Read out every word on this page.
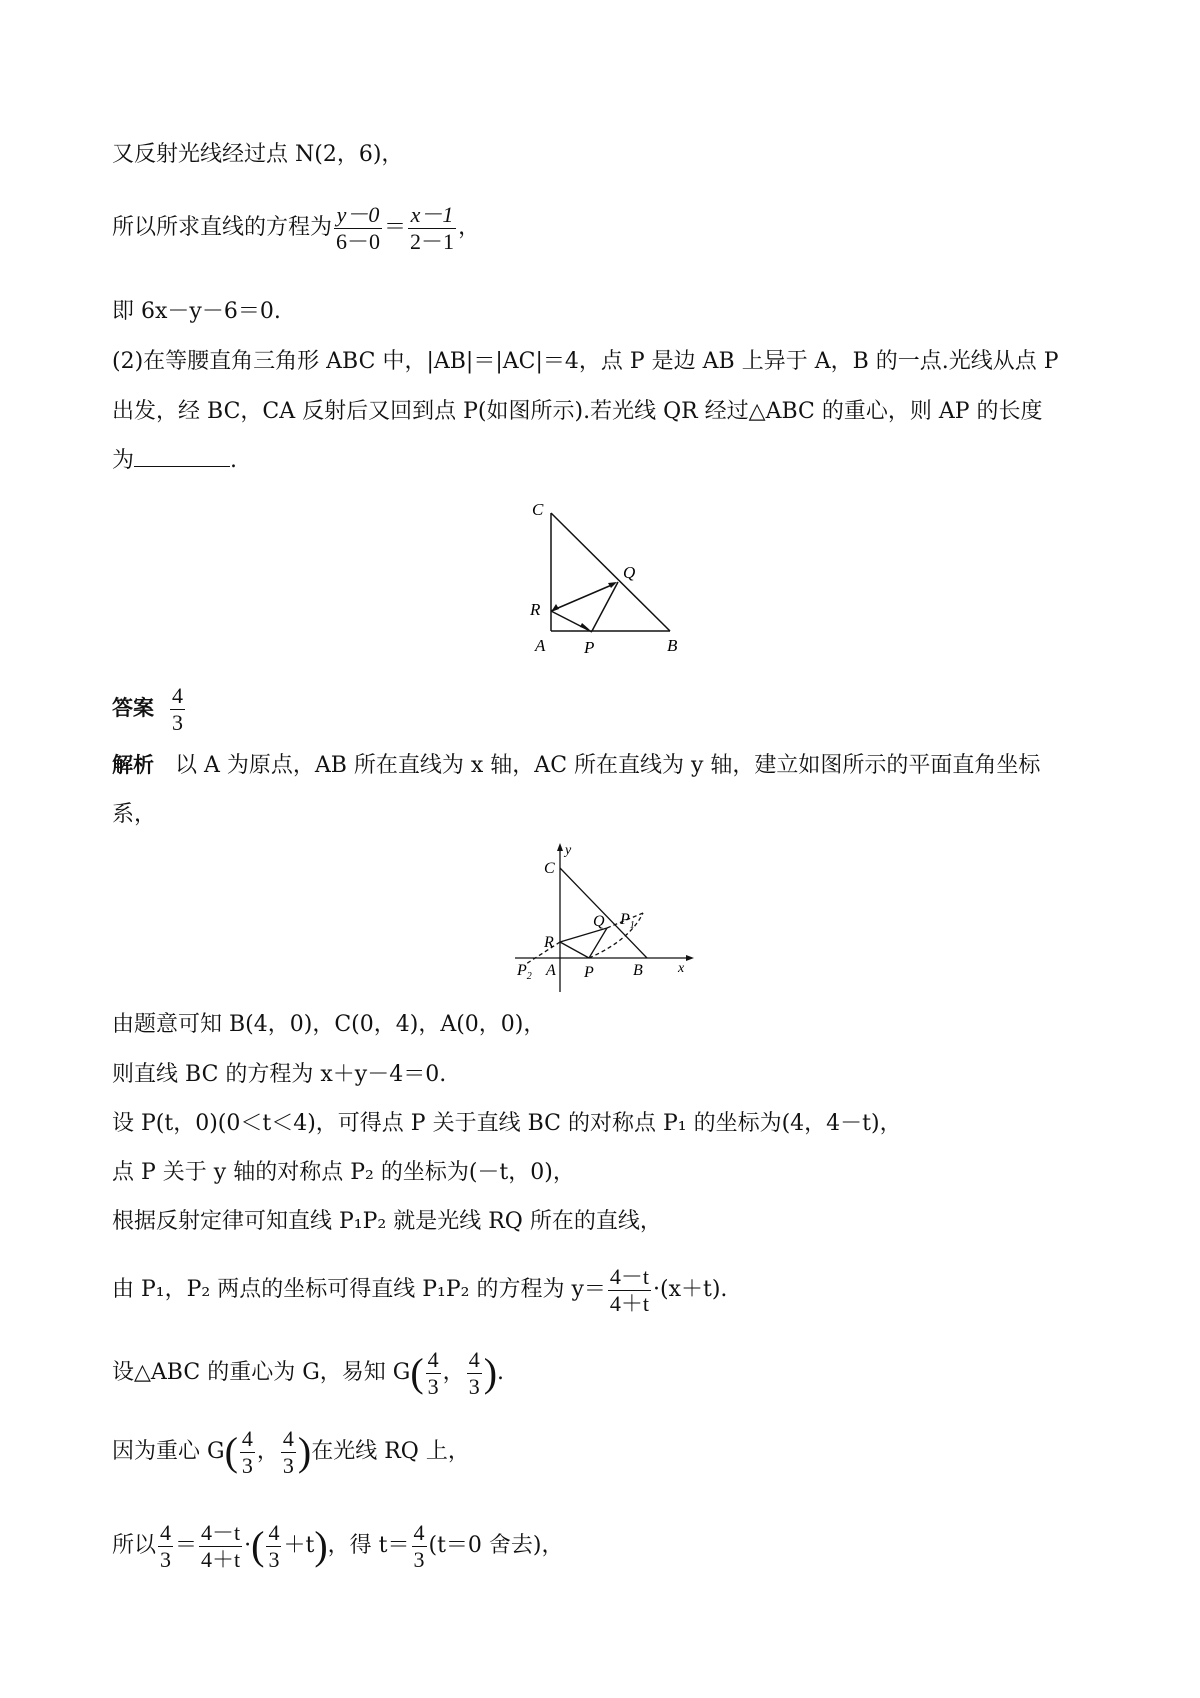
又反射光线经过点 N(2，6)，
所以所求直线的方程为 $\frac{y-0}{6-0} = \frac{x-1}{2-1}$ ，
即 6x－y－6＝0.
(2)在等腰直角三角形 ABC 中，|AB|＝|AC|＝4，点 P 是边 AB 上异于 A，B 的一点.光线从点 P
出发，经 BC，CA 反射后又回到点 P(如图所示).若光线 QR 经过△ABC 的重心，则 AP 的长度
为	.
C
Q
R
A P	B
答案 $\frac{4}{3}$
解析 以 A 为原点，AB 所在直线为 x 轴，AC 所在直线为 y 轴，建立如图所示的平面直角坐标
系，
y
C
Q $P_1$
R
$P_2$ A P B	x
由题意可知 B(4，0)，C(0，4)，A(0，0)，
则直线 BC 的方程为 x＋y－4＝0.
设 P(t，0)(0＜t＜4)，可得点 P 关于直线 BC 的对称点 P₁ 的坐标为(4，4－t)，
点 P 关于 y 轴的对称点 P₂ 的坐标为(－t，0)，
根据反射定律可知直线 P₁P₂ 就是光线 RQ 所在的直线，
由 P₁，P₂ 两点的坐标可得直线 P₁P₂ 的方程为 $y= \frac{4-t}{4+t} \cdot(x+t)$.
设△ABC 的重心为 G，易知 $G( \frac{4}{3}$ ， $\frac{4}{3}$ ).
因为重心 $G( \frac{4}{3}$ ， $\frac{4}{3}$ )在光线 RQ 上，
所以 $\frac{4}{3} = \frac{4-t}{4+t}$ ·( $\frac{4}{3} +t$)，得 $t= \frac{4}{3} (t=0$ 舍去)，
